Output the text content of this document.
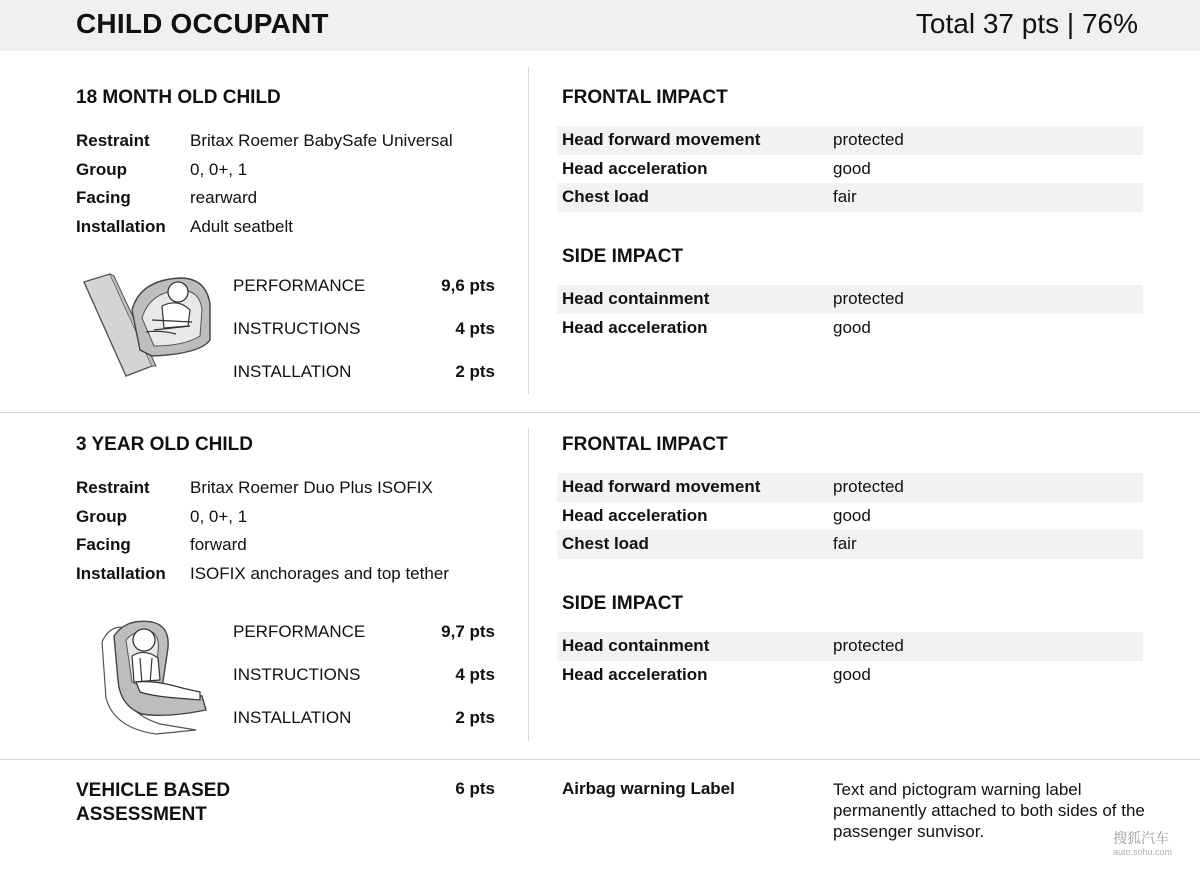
CHILD OCCUPANT	Total 37 pts | 76%
18 MONTH OLD CHILD
Restraint	Britax Roemer BabySafe Universal
Group	0, 0+, 1
Facing	rearward
Installation	Adult seatbelt
PERFORMANCE	9,6 pts
INSTRUCTIONS	4 pts
INSTALLATION	2 pts
FRONTAL IMPACT
Head forward movement	protected
Head acceleration	good
Chest load	fair
SIDE IMPACT
Head containment	protected
Head acceleration	good
3 YEAR OLD CHILD
Restraint	Britax Roemer Duo Plus ISOFIX
Group	0, 0+, 1
Facing	forward
Installation	ISOFIX anchorages and top tether
PERFORMANCE	9,7 pts
INSTRUCTIONS	4 pts
INSTALLATION	2 pts
FRONTAL IMPACT
Head forward movement	protected
Head acceleration	good
Chest load	fair
SIDE IMPACT
Head containment	protected
Head acceleration	good
VEHICLE BASED ASSESSMENT
6 pts	Airbag warning Label	Text and pictogram warning label permanently attached to both sides of the passenger sunvisor.	搜狐汽车
auto.sohu.com
